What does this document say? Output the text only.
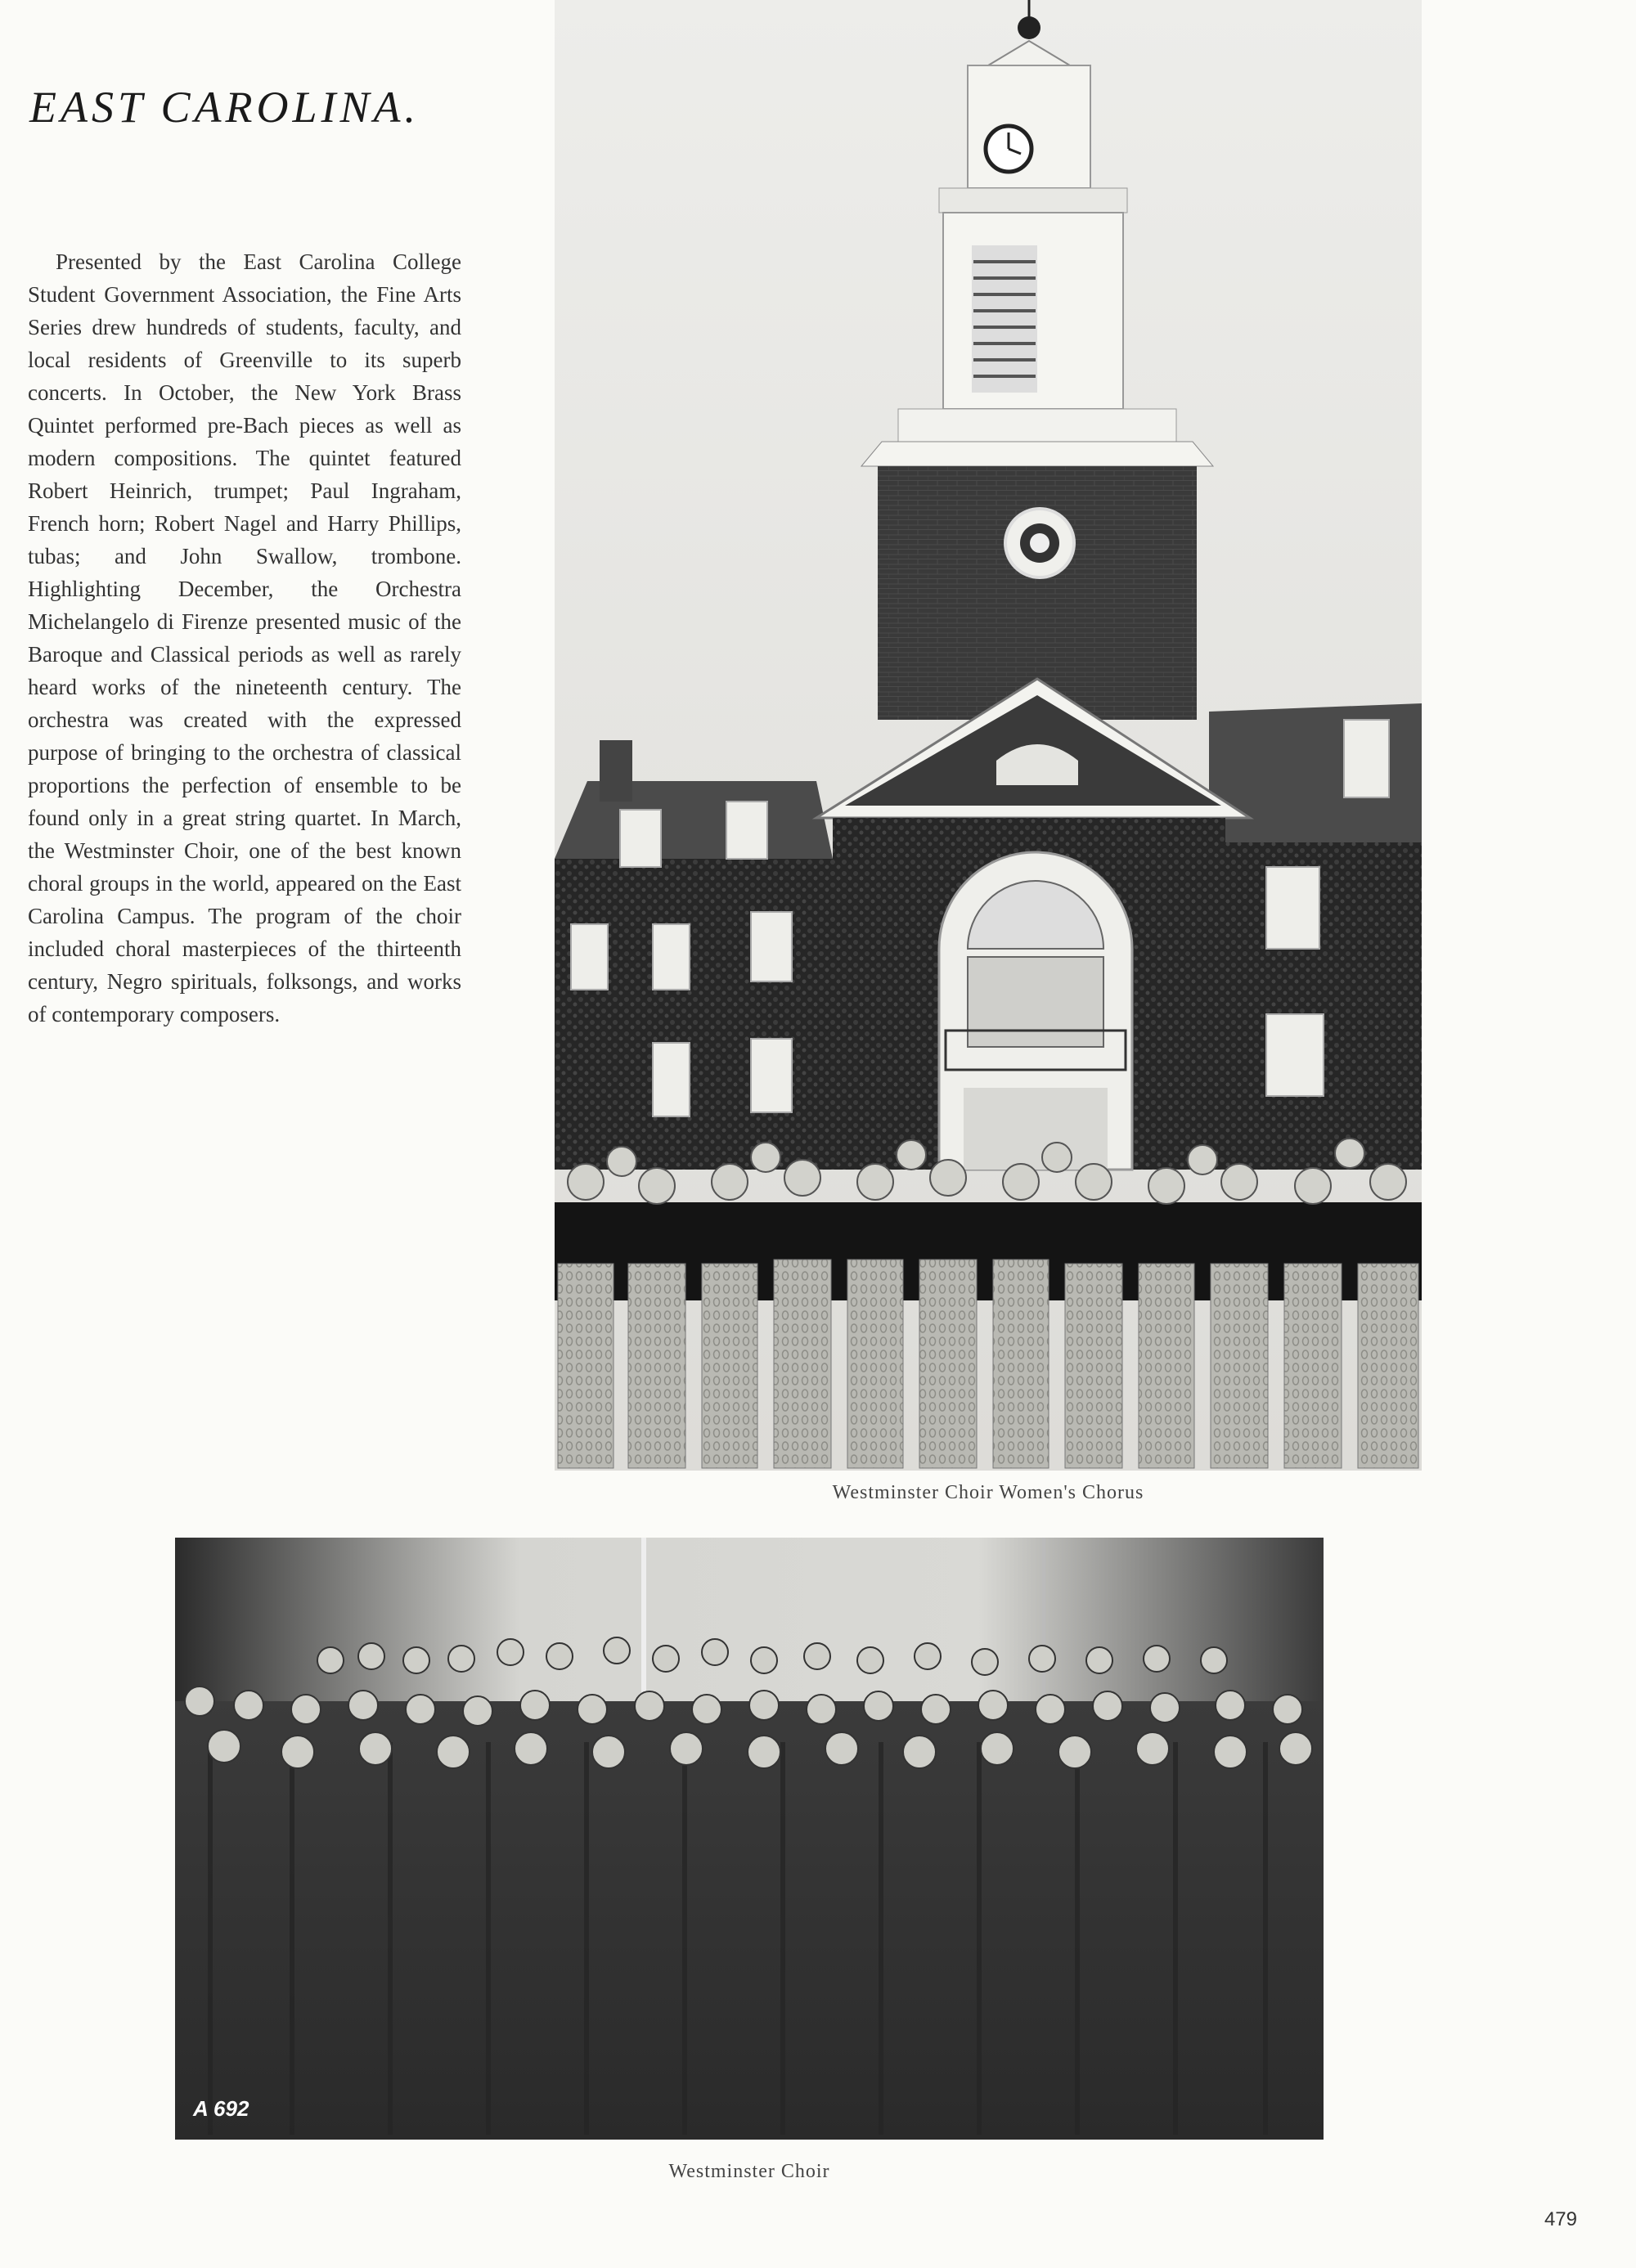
EAST CAROLINA.

Presented by the East Carolina College Student Government Association, the Fine Arts Series drew hundreds of students, faculty, and local residents of Greenville to its superb concerts. In October, the New York Brass Quintet performed pre-Bach pieces as well as modern compositions. The quintet featured Robert Heinrich, trumpet; Paul Ingraham, French horn; Robert Nagel and Harry Phillips, tubas; and John Swallow, trombone. Highlighting December, the Orchestra Michelangelo di Firenze presented music of the Baroque and Classical periods as well as rarely heard works of the nineteenth century. The orchestra was created with the expressed purpose of bringing to the orchestra of classical proportions the perfection of ensemble to be found only in a great string quartet. In March, the Westminster Choir, one of the best known choral groups in the world, appeared on the East Carolina Campus. The program of the choir included choral masterpieces of the thirteenth century, Negro spirituals, folksongs, and works of contemporary composers.

Westminster Choir Women's Chorus

A 692

Westminster Choir

479
